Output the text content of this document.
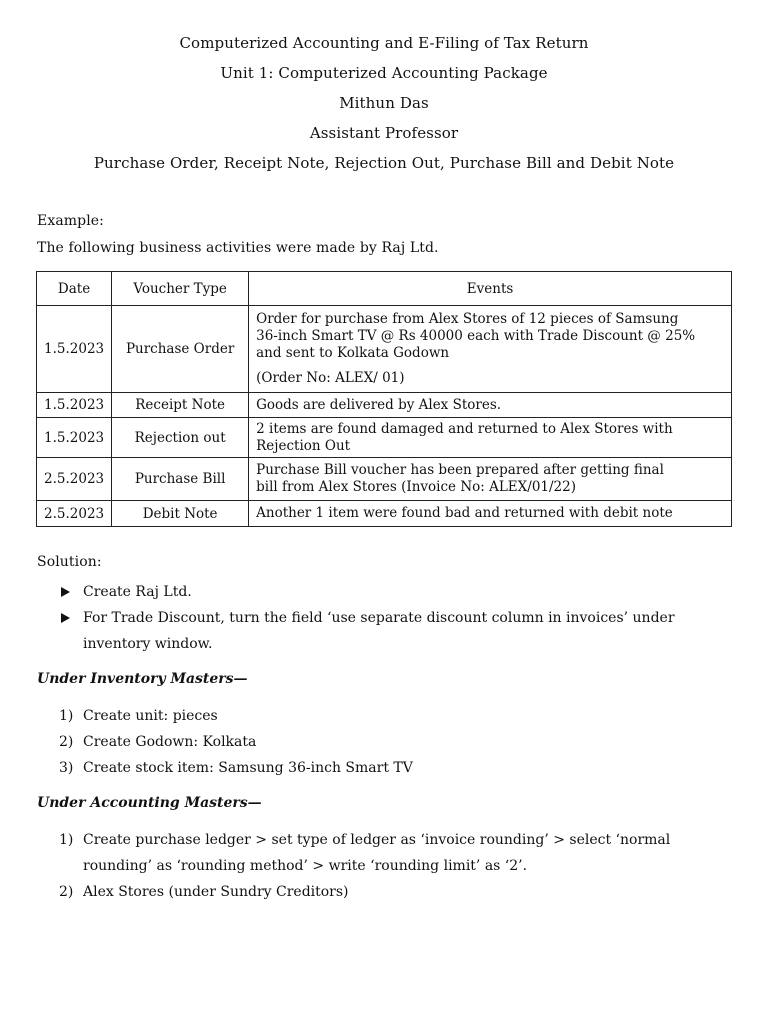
Computerized Accounting and E-Filing of Tax Return
Unit 1: Computerized Accounting Package
Mithun Das
Assistant Professor
Purchase Order, Receipt Note, Rejection Out, Purchase Bill and Debit Note
Example:
The following business activities were made by Raj Ltd.
Date	Voucher Type	Events
1.5.2023	Purchase Order	Order for purchase from Alex Stores of 12 pieces of Samsung
36-inch Smart TV @ Rs 40000 each with Trade Discount @ 25%
and sent to Kolkata Godown
(Order No: ALEX/ 01)

1.5.2023	Receipt Note	Goods are delivered by Alex Stores.

1.5.2023	Rejection out	2 items are found damaged and returned to Alex Stores with
Rejection Out

2.5.2023	Purchase Bill	Purchase Bill voucher has been prepared after getting final
bill from Alex Stores (Invoice No: ALEX/01/22)

2.5.2023	Debit Note	Another 1 item were found bad and returned with debit note
Solution:
Create Raj Ltd.
For Trade Discount, turn the field ‘use separate discount column in invoices’ under inventory window.
Under Inventory Masters—
1) Create unit: pieces
2) Create Godown: Kolkata
3) Create stock item: Samsung 36-inch Smart TV
Under Accounting Masters—
1) Create purchase ledger > set type of ledger as ‘invoice rounding’ > select ‘normal rounding’ as ‘rounding method’ > write ‘rounding limit’ as ‘2’.
2) Alex Stores (under Sundry Creditors)
